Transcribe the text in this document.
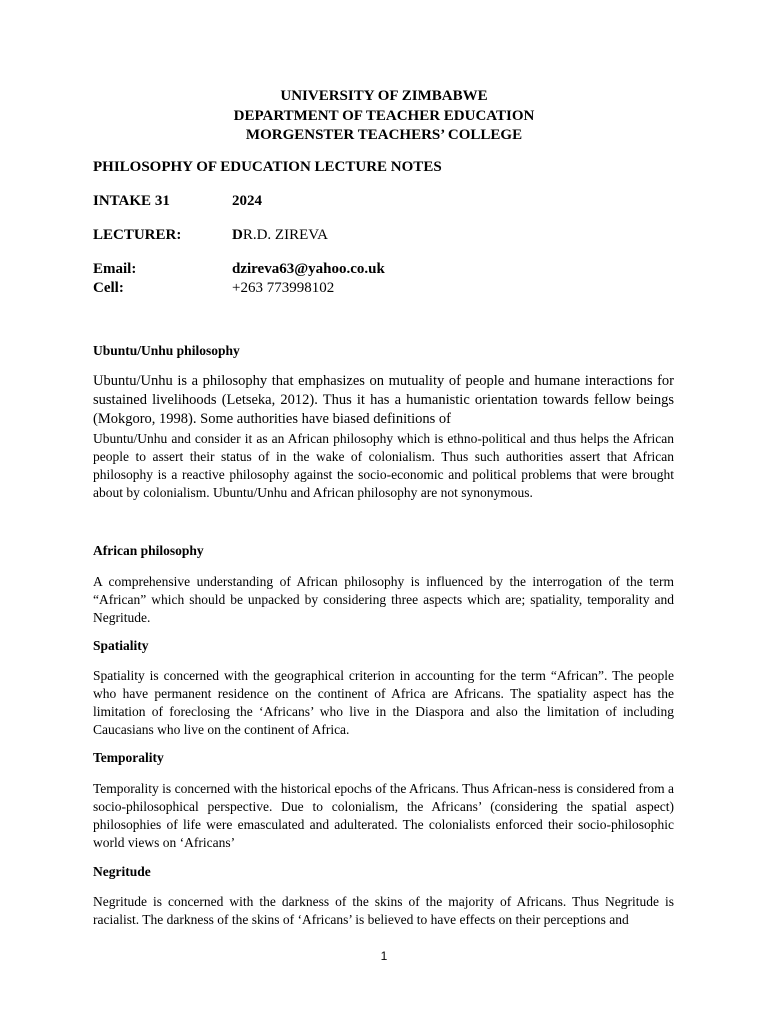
UNIVERSITY OF ZIMBABWE
DEPARTMENT OF TEACHER EDUCATION
MORGENSTER TEACHERS’ COLLEGE
PHILOSOPHY OF EDUCATION LECTURE NOTES
INTAKE 31	2024
LECTURER:	DR.D. ZIREVA
Email:	dzireva63@yahoo.co.uk
Cell:	+263 773998102
Ubuntu/Unhu philosophy

Ubuntu/Unhu is a philosophy that emphasizes on mutuality of people and humane interactions for sustained livelihoods (Letseka, 2012). Thus it has a humanistic orientation towards fellow beings (Mokgoro, 1998). Some authorities have biased definitions of

Ubuntu/Unhu and consider it as an African philosophy which is ethno-political and thus helps the African people to assert their status of in the wake of colonialism. Thus such authorities assert that African philosophy is a reactive philosophy against the socio-economic and political problems that were brought about by colonialism. Ubuntu/Unhu and African philosophy are not synonymous.

African philosophy

A comprehensive understanding of African philosophy is influenced by the interrogation of the term “African” which should be unpacked by considering three aspects which are; spatiality, temporality and Negritude.

Spatiality

Spatiality is concerned with the geographical criterion in accounting for the term “African”. The people who have permanent residence on the continent of Africa are Africans. The spatiality aspect has the limitation of foreclosing the ‘Africans’ who live in the Diaspora and also the limitation of including Caucasians who live on the continent of Africa.

Temporality

Temporality is concerned with the historical epochs of the Africans. Thus African-ness is considered from a socio-philosophical perspective. Due to colonialism, the Africans’ (considering the spatial aspect) philosophies of life were emasculated and adulterated. The colonialists enforced their socio-philosophic world views on ‘Africans’

Negritude

Negritude is concerned with the darkness of the skins of the majority of Africans. Thus Negritude is racialist. The darkness of the skins of ‘Africans’ is believed to have effects on their perceptions and

1
